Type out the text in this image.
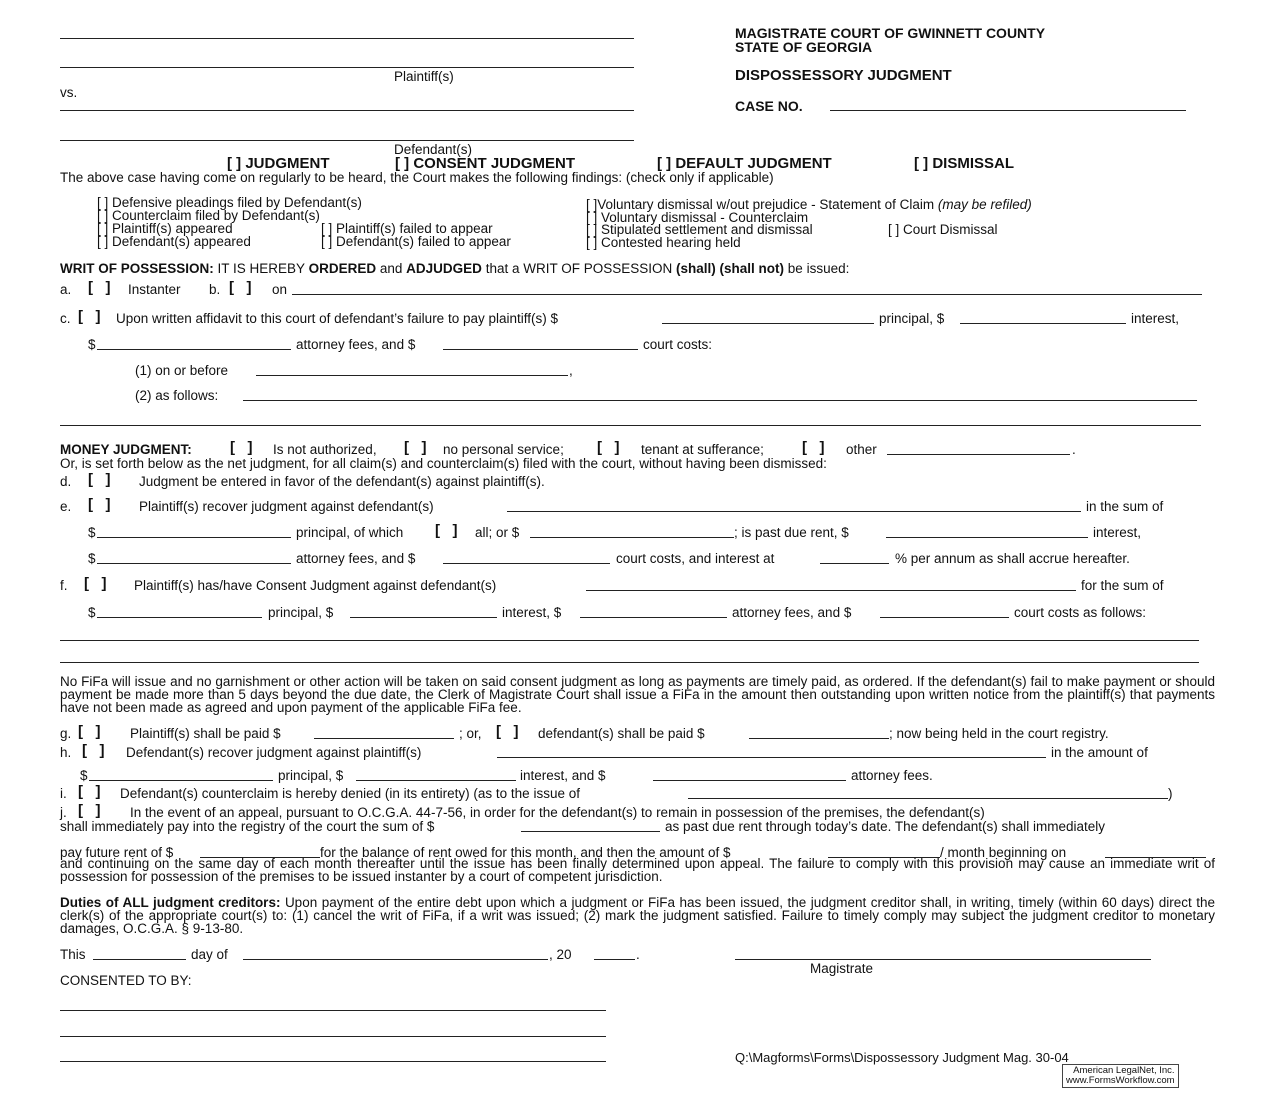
Plaintiff(s)
vs.
Defendant(s)
MAGISTRATE COURT OF GWINNETT COUNTY
STATE OF GEORGIA
DISPOSSESSORY JUDGMENT
CASE NO.
[ ] JUDGMENT	[ ] CONSENT JUDGMENT	[ ] DEFAULT JUDGMENT	[ ] DISMISSAL
The above case having come on regularly to be heard, the Court makes the following findings: (check only if applicable)
[ ] Defensive pleadings filed by Defendant(s)
[ ] Counterclaim filed by Defendant(s)
[ ] Plaintiff(s) appeared
[ ] Defendant(s) appeared
[ ] Plaintiff(s) failed to appear
[ ] Defendant(s) failed to appear
[ ]Voluntary dismissal w/out prejudice - Statement of Claim (may be refiled)
[ ] Voluntary dismissal - Counterclaim
[ ] Stipulated settlement and dismissal	[ ] Court Dismissal
[ ] Contested hearing held
WRIT OF POSSESSION: IT IS HEREBY ORDERED and ADJUDGED that a WRIT OF POSSESSION (shall) (shall not) be issued:
a. [   ] Instanter b. [   ] on
c. [   ] Upon written affidavit to this court of defendant’s failure to pay plaintiff(s) $	principal, $	interest,
$	attorney fees, and $	court costs:
(1) on or before	,
(2) as follows:
MONEY JUDGMENT:	[   ] Is not authorized, [   ] no personal service; [   ] tenant at sufferance;	[   ] other	.
Or, is set forth below as the net judgment, for all claim(s) and counterclaim(s) filed with the court, without having been dismissed:
d. [   ] Judgment be entered in favor of the defendant(s) against plaintiff(s).
e. [   ] Plaintiff(s) recover judgment against defendant(s)	in the sum of
$	principal, of which [   ] all; or $	; is past due rent, $	interest,
$	attorney fees, and $	court costs, and interest at	% per annum as shall accrue hereafter.
f. [   ] Plaintiff(s) has/have Consent Judgment against defendant(s)	for the sum of
$	principal, $	interest, $	attorney fees, and $	court costs as follows:
No FiFa will issue and no garnishment or other action will be taken on said consent judgment as long as payments are timely paid, as ordered. If the defendant(s) fail to make payment or should payment be made more than 5 days beyond the due date, the Clerk of Magistrate Court shall issue a FiFa in the amount then outstanding upon written notice from the plaintiff(s) that payments have not been made as agreed and upon payment of the applicable FiFa fee.
g. [   ] Plaintiff(s) shall be paid $	; or, [   ] defendant(s) shall be paid $	; now being held in the court registry.
h. [   ] Defendant(s) recover judgment against plaintiff(s)	in the amount of
$	principal, $	interest, and $	attorney fees.
i. [   ] Defendant(s) counterclaim is hereby denied (in its entirety) (as to the issue of	)
j. [   ] In the event of an appeal, pursuant to O.C.G.A. 44-7-56, in order for the defendant(s) to remain in possession of the premises, the defendant(s)
shall immediately pay into the registry of the court the sum of $	as past due rent through today’s date. The defendant(s) shall immediately
pay future rent of $	for the balance of rent owed for this month, and then the amount of $	/ month beginning on
and continuing on the same day of each month thereafter until the issue has been finally determined upon appeal. The failure to comply with this provision may cause an immediate writ of possession for possession of the premises to be issued instanter by a court of competent jurisdiction.
Duties of ALL judgment creditors: Upon payment of the entire debt upon which a judgment or FiFa has been issued, the judgment creditor shall, in writing, timely (within 60 days) direct the clerk(s) of the appropriate court(s) to: (1) cancel the writ of FiFa, if a writ was issued; (2) mark the judgment satisfied. Failure to timely comply may subject the judgment creditor to monetary damages, O.C.G.A. § 9-13-80.
This	day of	, 20	.
Magistrate
CONSENTED TO BY:
Q:\Magforms\Forms\Dispossessory Judgment Mag. 30-04
American LegalNet, Inc.
www.FormsWorkflow.com
